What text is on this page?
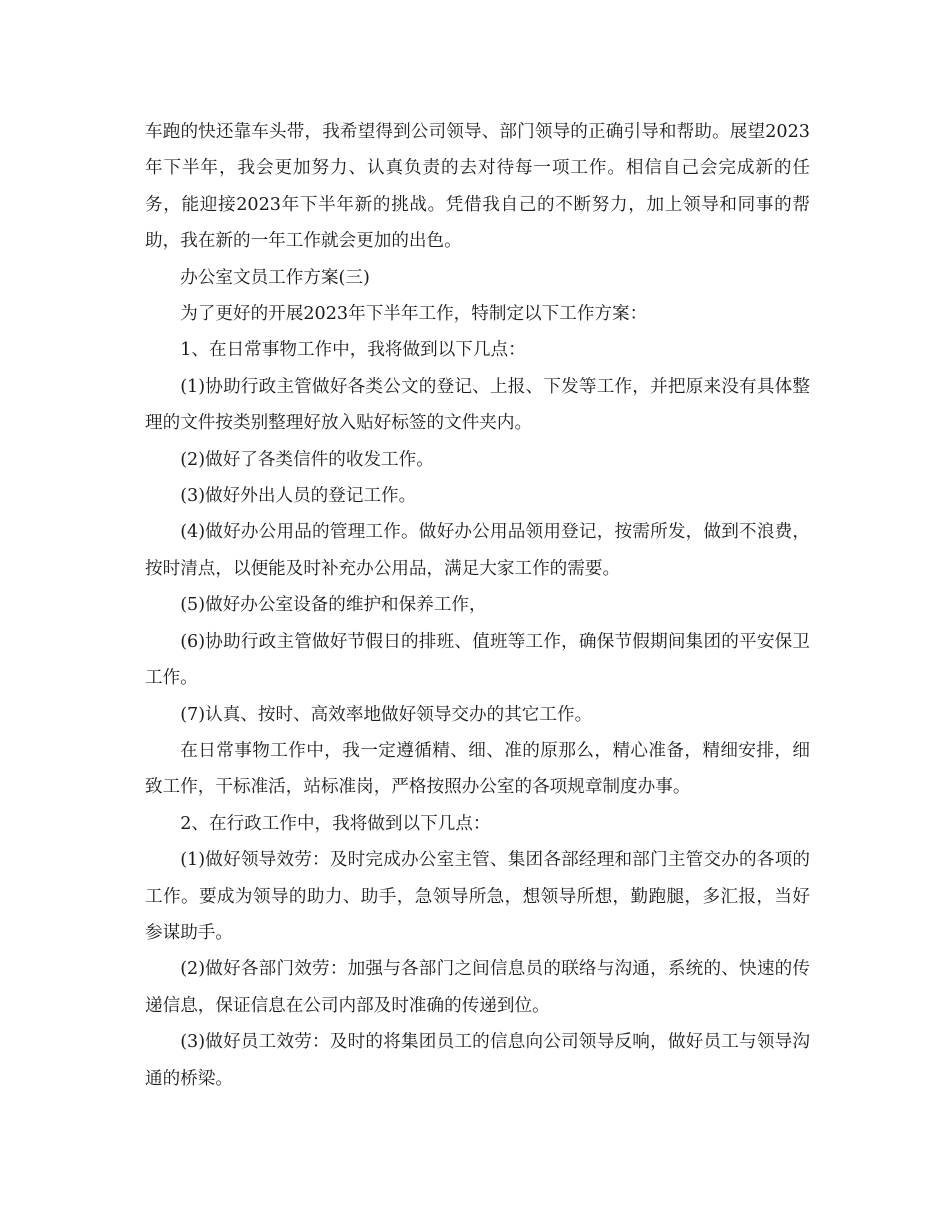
车跑的快还靠车头带，我希望得到公司领导、部门领导的正确引导和帮助。展望2023年下半年，我会更加努力、认真负责的去对待每一项工作。相信自己会完成新的任务，能迎接2023年下半年新的挑战。凭借我自己的不断努力，加上领导和同事的帮助，我在新的一年工作就会更加的出色。

办公室文员工作方案(三)

为了更好的开展2023年下半年工作，特制定以下工作方案：

1、在日常事物工作中，我将做到以下几点：

(1)协助行政主管做好各类公文的登记、上报、下发等工作，并把原来没有具体整理的文件按类别整理好放入贴好标签的文件夹内。

(2)做好了各类信件的收发工作。

(3)做好外出人员的登记工作。

(4)做好办公用品的管理工作。做好办公用品领用登记，按需所发，做到不浪费，按时清点，以便能及时补充办公用品，满足大家工作的需要。

(5)做好办公室设备的维护和保养工作，

(6)协助行政主管做好节假日的排班、值班等工作，确保节假期间集团的平安保卫工作。

(7)认真、按时、高效率地做好领导交办的其它工作。

在日常事物工作中，我一定遵循精、细、准的原那么，精心准备，精细安排，细致工作，干标准活，站标准岗，严格按照办公室的各项规章制度办事。

2、在行政工作中，我将做到以下几点：

(1)做好领导效劳：及时完成办公室主管、集团各部经理和部门主管交办的各项的工作。要成为领导的助力、助手，急领导所急，想领导所想，勤跑腿，多汇报，当好参谋助手。

(2)做好各部门效劳：加强与各部门之间信息员的联络与沟通，系统的、快速的传递信息，保证信息在公司内部及时准确的传递到位。

(3)做好员工效劳：及时的将集团员工的信息向公司领导反响，做好员工与领导沟通的桥梁。
